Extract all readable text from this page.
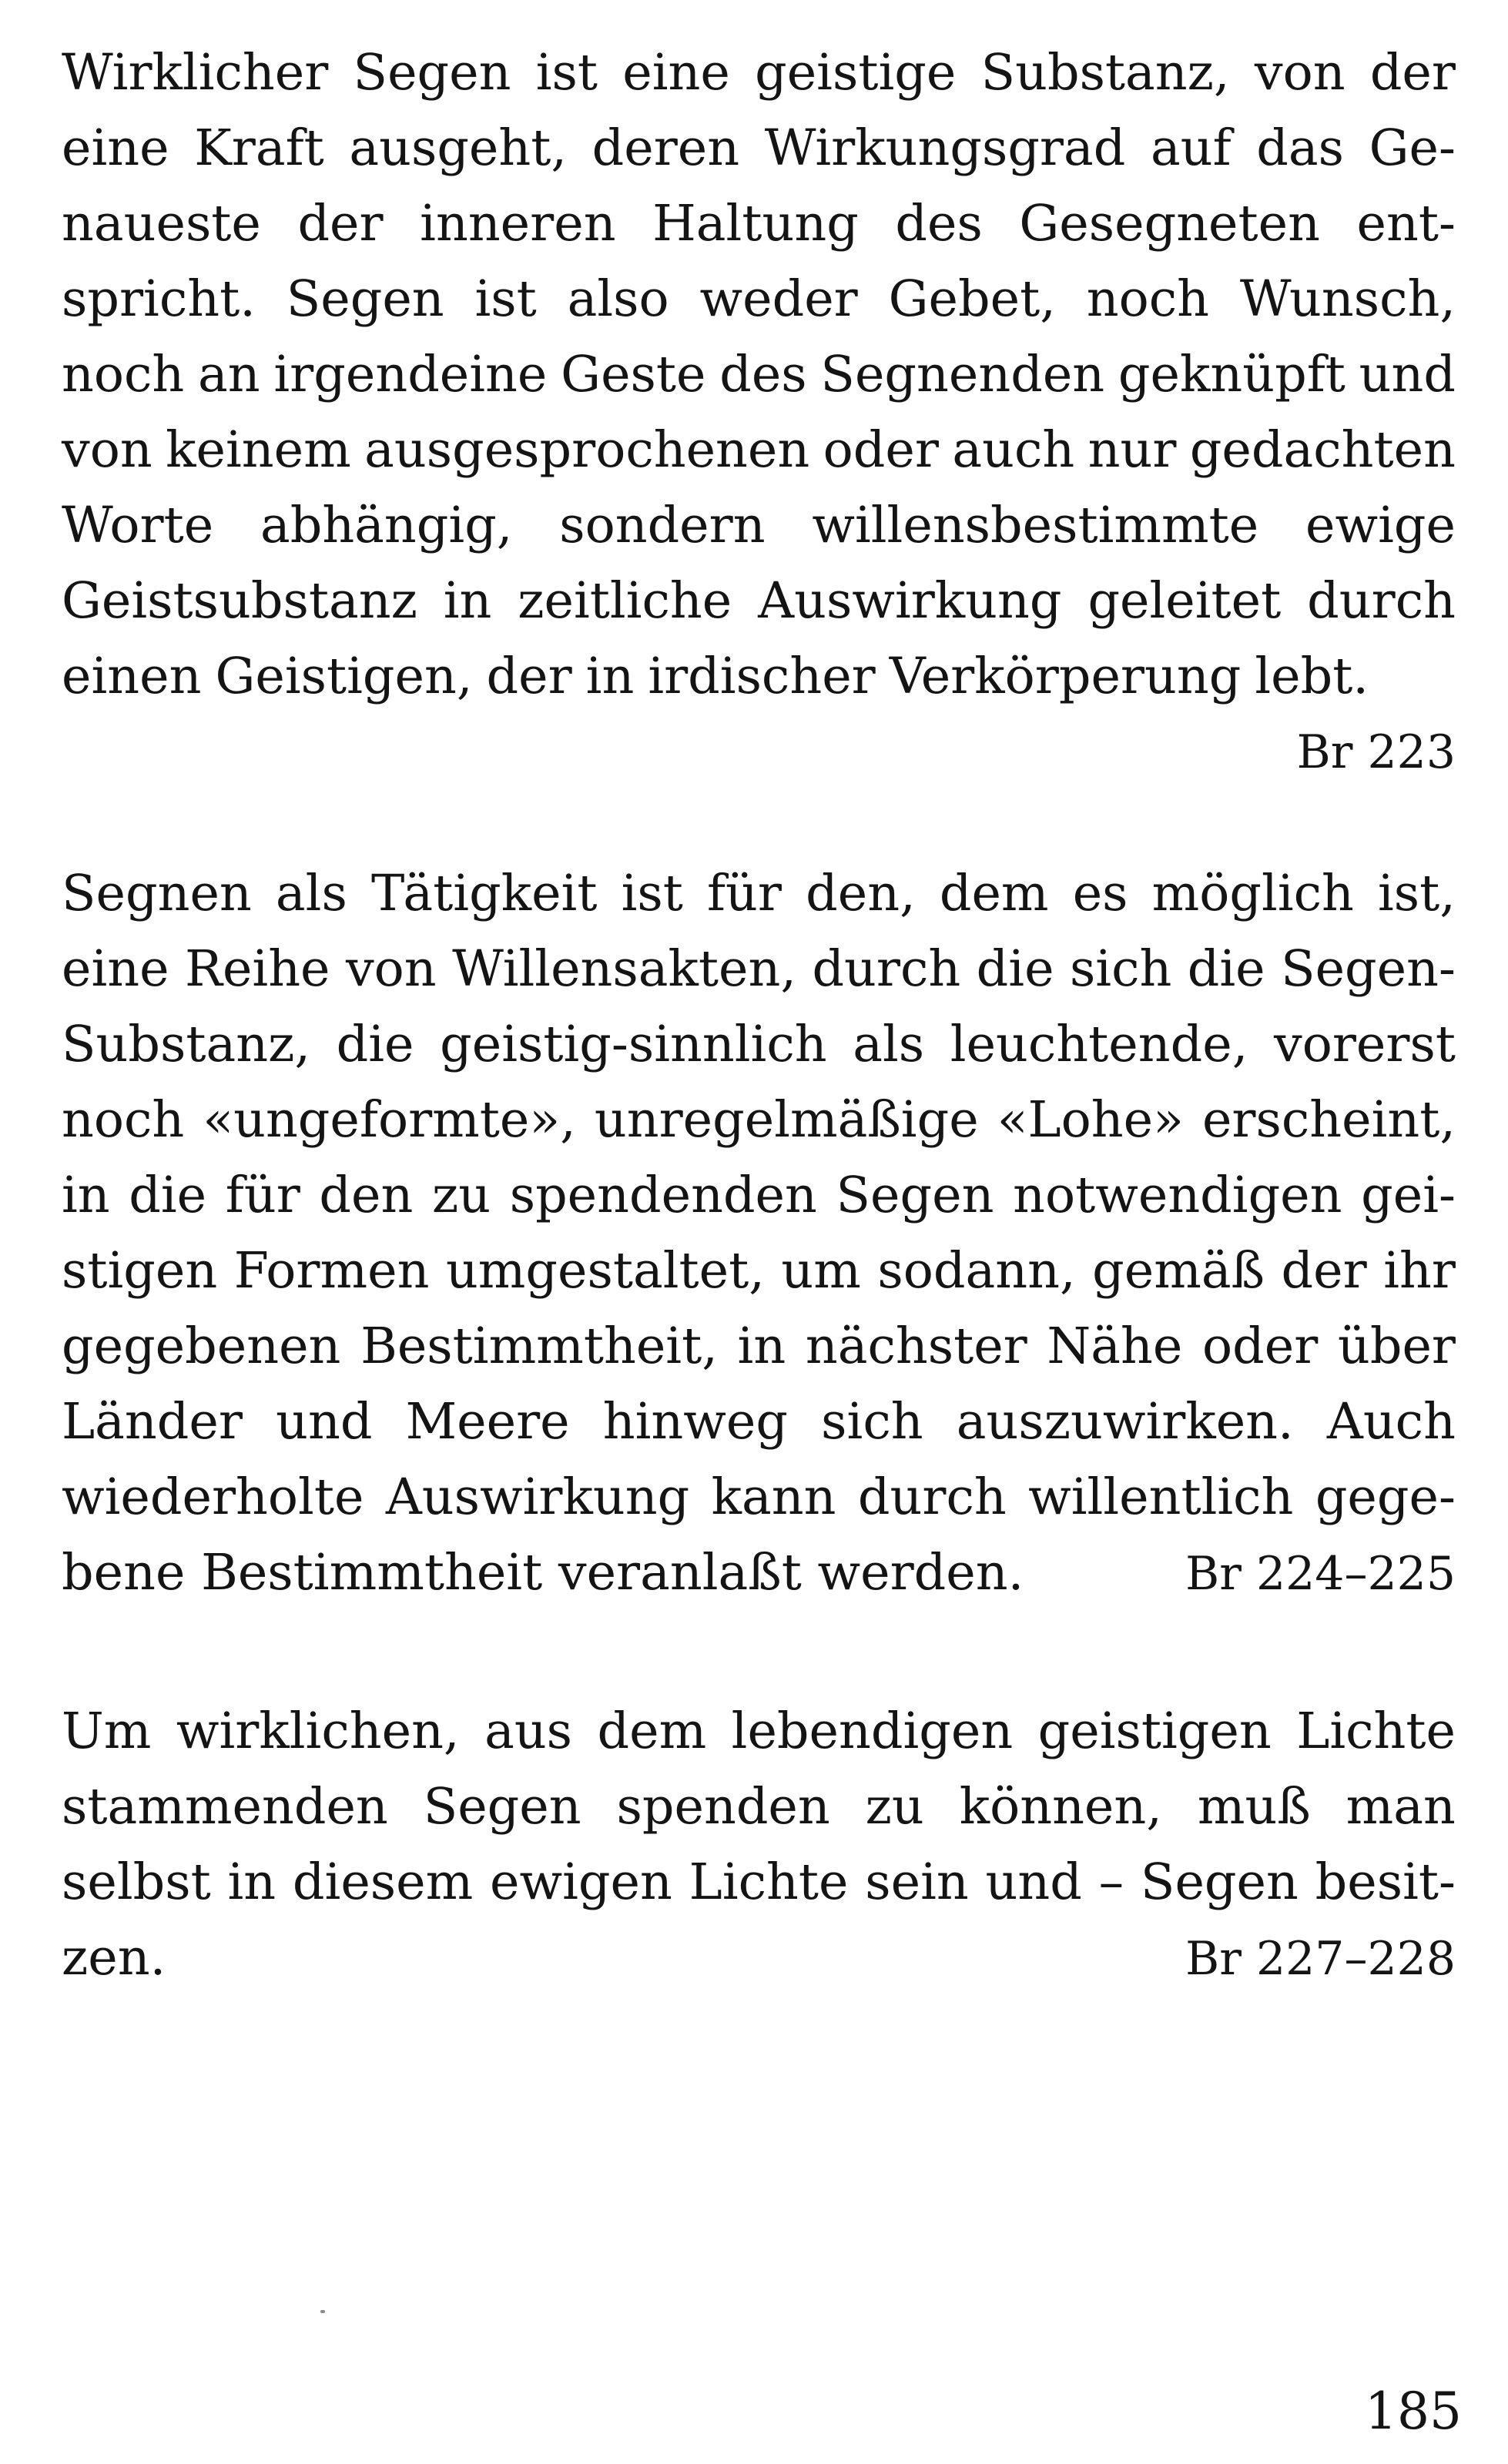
Wirklicher Segen ist eine geistige Substanz, von der
eine Kraft ausgeht, deren Wirkungsgrad auf das Ge-
naueste der inneren Haltung des Gesegneten ent-
spricht. Segen ist also weder Gebet, noch Wunsch,
noch an irgendeine Geste des Segnenden geknüpft und
von keinem ausgesprochenen oder auch nur gedachten
Worte abhängig, sondern willensbestimmte ewige
Geistsubstanz in zeitliche Auswirkung geleitet durch
einen Geistigen, der in irdischer Verkörperung lebt.
Br 223
Segnen als Tätigkeit ist für den, dem es möglich ist,
eine Reihe von Willensakten, durch die sich die Segen-
Substanz, die geistig-sinnlich als leuchtende, vorerst
noch «ungeformte», unregelmäßige «Lohe» erscheint,
in die für den zu spendenden Segen notwendigen gei-
stigen Formen umgestaltet, um sodann, gemäß der ihr
gegebenen Bestimmtheit, in nächster Nähe oder über
Länder und Meere hinweg sich auszuwirken. Auch
wiederholte Auswirkung kann durch willentlich gege-
bene Bestimmtheit veranlaßt werden.	Br 224–225
Um wirklichen, aus dem lebendigen geistigen Lichte
stammenden Segen spenden zu können, muß man
selbst in diesem ewigen Lichte sein und – Segen besit-
zen.	Br 227–228
185
